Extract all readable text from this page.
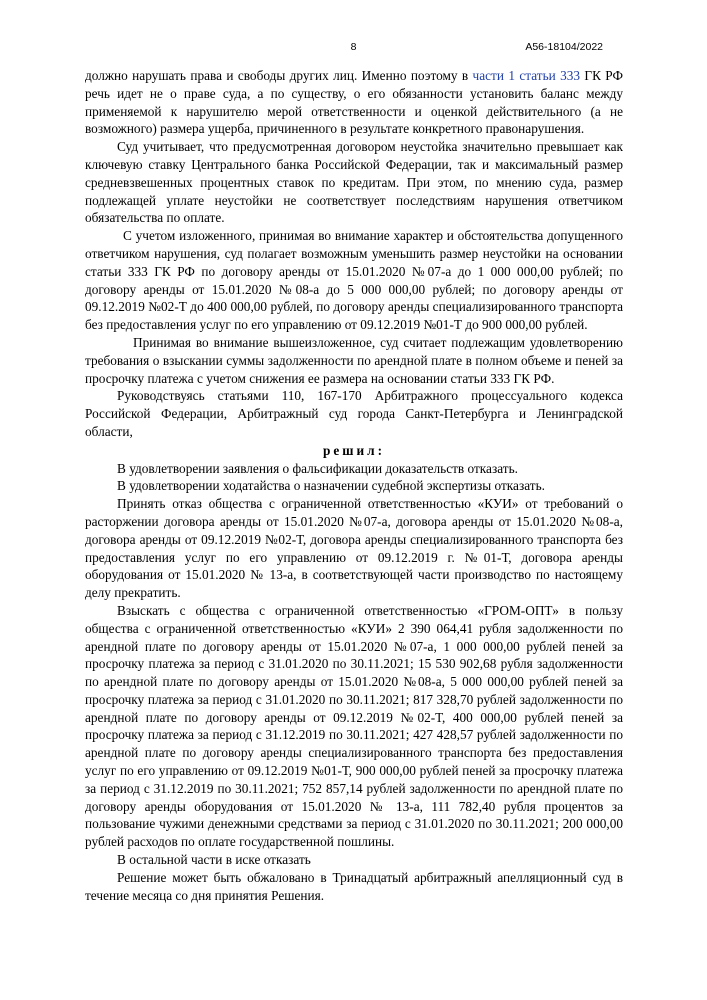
8	А56-18104/2022

должно нарушать права и свободы других лиц. Именно поэтому в части 1 статьи 333 ГК РФ речь идет не о праве суда, а по существу, о его обязанности установить баланс между применяемой к нарушителю мерой ответственности и оценкой действительного (а не возможного) размера ущерба, причиненного в результате конкретного правонарушения.

Суд учитывает, что предусмотренная договором неустойка значительно превышает как ключевую ставку Центрального банка Российской Федерации, так и максимальный размер средневзвешенных процентных ставок по кредитам. При этом, по мнению суда, размер подлежащей уплате неустойки не соответствует последствиям нарушения ответчиком обязательства по оплате.

С учетом изложенного, принимая во внимание характер и обстоятельства допущенного ответчиком нарушения, суд полагает возможным уменьшить размер неустойки на основании статьи 333 ГК РФ по договору аренды от 15.01.2020 №07-а до 1 000 000,00 рублей; по договору аренды от 15.01.2020 №08-а до 5 000 000,00 рублей; по договору аренды от 09.12.2019 №02-Т до 400 000,00 рублей, по договору аренды специализированного транспорта без предоставления услуг по его управлению от 09.12.2019 №01-Т до 900 000,00 рублей.

Принимая во внимание вышеизложенное, суд считает подлежащим удовлетворению требования о взыскании суммы задолженности по арендной плате в полном объеме и пеней за просрочку платежа с учетом снижения ее размера на основании статьи 333 ГК РФ.

Руководствуясь статьями 110, 167-170 Арбитражного процессуального кодекса Российской Федерации, Арбитражный суд города Санкт-Петербурга и Ленинградской области,

решил:

В удовлетворении заявления о фальсификации доказательств отказать.

В удовлетворении ходатайства о назначении судебной экспертизы отказать.

Принять отказ общества с ограниченной ответственностью «КУИ» от требований о расторжении договора аренды от 15.01.2020 №07-а, договора аренды от 15.01.2020 №08-а, договора аренды от 09.12.2019 №02-Т, договора аренды специализированного транспорта без предоставления услуг по его управлению от 09.12.2019 г. №01-Т, договора аренды оборудования от 15.01.2020 № 13-а, в соответствующей части производство по настоящему делу прекратить.

Взыскать с общества с ограниченной ответственностью «ГРОМ-ОПТ» в пользу общества с ограниченной ответственностью «КУИ» 2 390 064,41 рубля задолженности по арендной плате по договору аренды от 15.01.2020 №07-а, 1 000 000,00 рублей пеней за просрочку платежа за период с 31.01.2020 по 30.11.2021; 15 530 902,68 рубля задолженности по арендной плате по договору аренды от 15.01.2020 №08-а, 5 000 000,00 рублей пеней за просрочку платежа за период с 31.01.2020 по 30.11.2021; 817 328,70 рублей задолженности по арендной плате по договору аренды от 09.12.2019 №02-Т, 400 000,00 рублей пеней за просрочку платежа за период с 31.12.2019 по 30.11.2021; 427 428,57 рублей задолженности по арендной плате по договору аренды специализированного транспорта без предоставления услуг по его управлению от 09.12.2019 №01-Т, 900 000,00 рублей пеней за просрочку платежа за период с 31.12.2019 по 30.11.2021; 752 857,14 рублей задолженности по арендной плате по договору аренды оборудования от 15.01.2020 № 13-а, 111 782,40 рубля процентов за пользование чужими денежными средствами за период с 31.01.2020 по 30.11.2021; 200 000,00 рублей расходов по оплате государственной пошлины.

В остальной части в иске отказать

Решение может быть обжаловано в Тринадцатый арбитражный апелляционный суд в течение месяца со дня принятия Решения.
